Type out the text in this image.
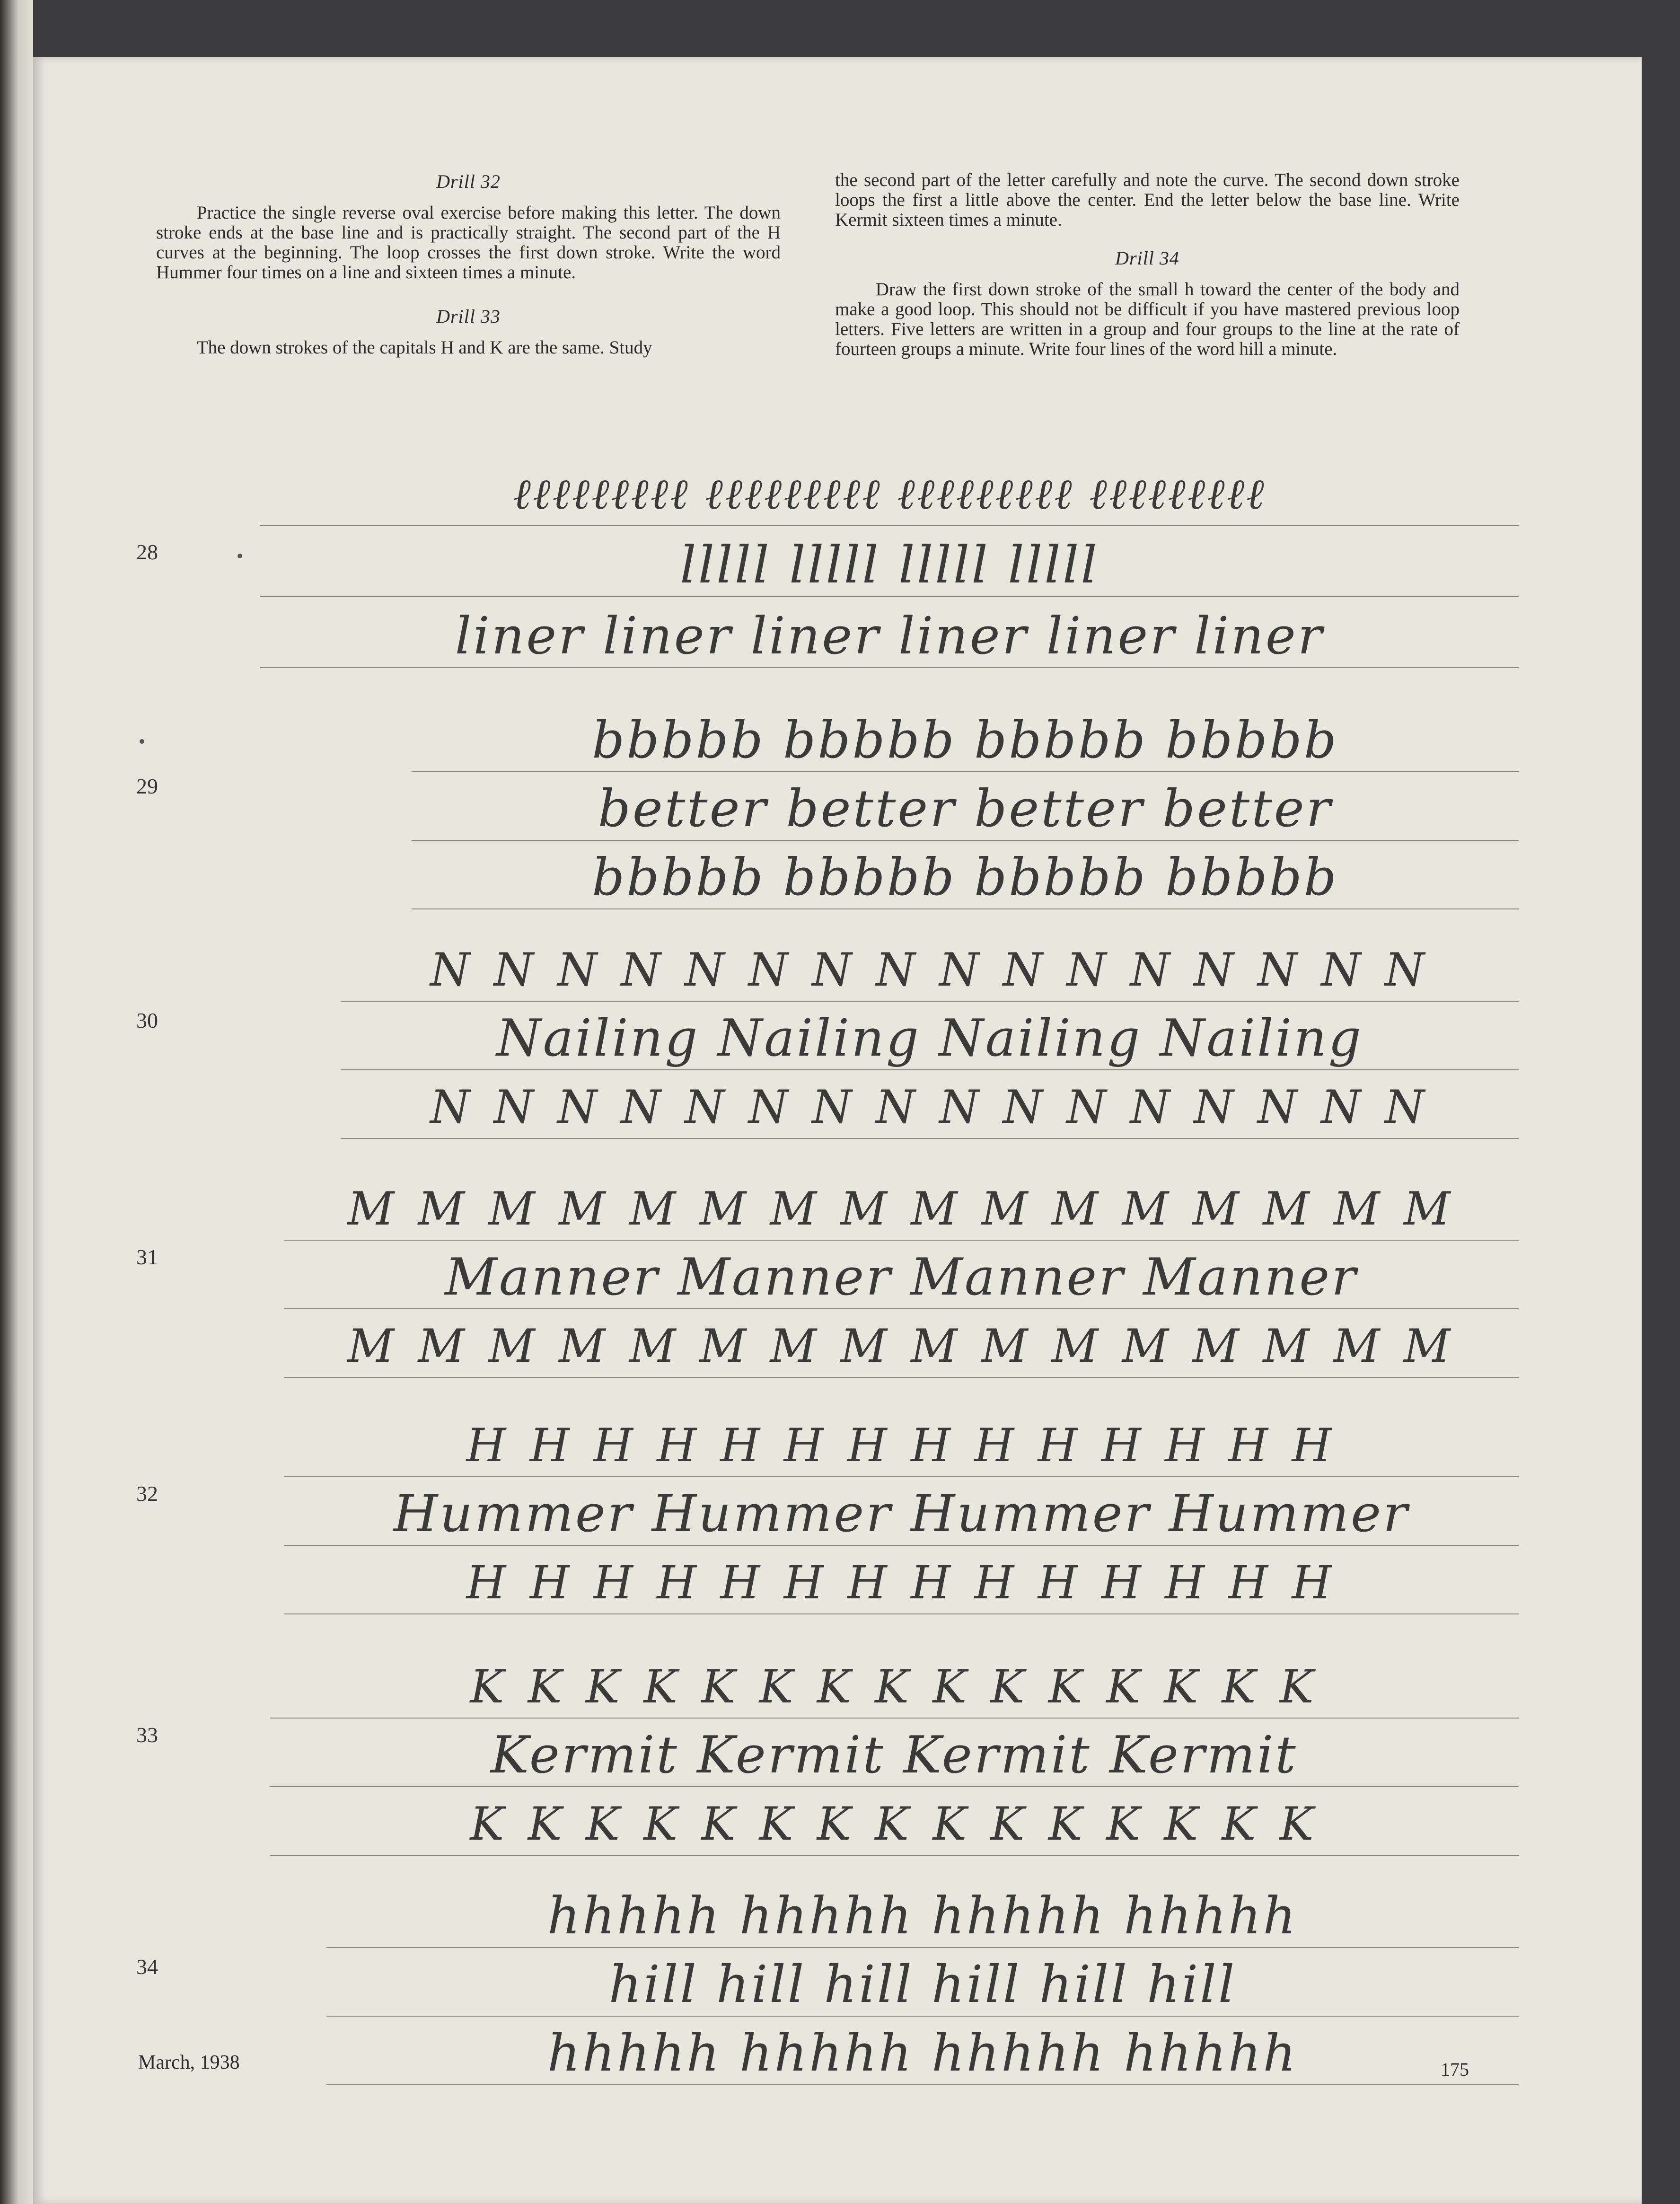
Drill 32

Practice the single reverse oval exercise before making this letter. The down stroke ends at the base line and is practically straight. The second part of the H curves at the beginning. The loop crosses the first down stroke. Write the word Hummer four times on a line and sixteen times a minute.

Drill 33

The down strokes of the capitals H and K are the same. Study

the second part of the letter carefully and note the curve. The second down stroke loops the first a little above the center. End the letter below the base line. Write Kermit sixteen times a minute.

Drill 34

Draw the first down stroke of the small h toward the center of the body and make a good loop. This should not be difficult if you have mastered previous loop letters. Five letters are written in a group and four groups to the line at the rate of fourteen groups a minute. Write four lines of the word hill a minute.

28
ℓℓℓℓℓℓℓℓℓ ℓℓℓℓℓℓℓℓℓ ℓℓℓℓℓℓℓℓℓ ℓℓℓℓℓℓℓℓℓ
lllll lllll lllll lllll
liner liner liner liner liner liner
29
bbbbb bbbbb bbbbb bbbbb
better better better better
bbbbb bbbbb bbbbb bbbbb
30
N N N N N N N N N N N N N N N N
Nailing Nailing Nailing Nailing
N N N N N N N N N N N N N N N N
31
M M M M M M M M M M M M M M M M
Manner Manner Manner Manner
M M M M M M M M M M M M M M M M
32
H H H H H H H H H H H H H H
Hummer Hummer Hummer Hummer
H H H H H H H H H H H H H H
33
K K K K K K K K K K K K K K K
Kermit Kermit Kermit Kermit
K K K K K K K K K K K K K K K
34
hhhhh hhhhh hhhhh hhhhh
hill hill hill hill hill hill
hhhhh hhhhh hhhhh hhhhh
March, 1938	175
